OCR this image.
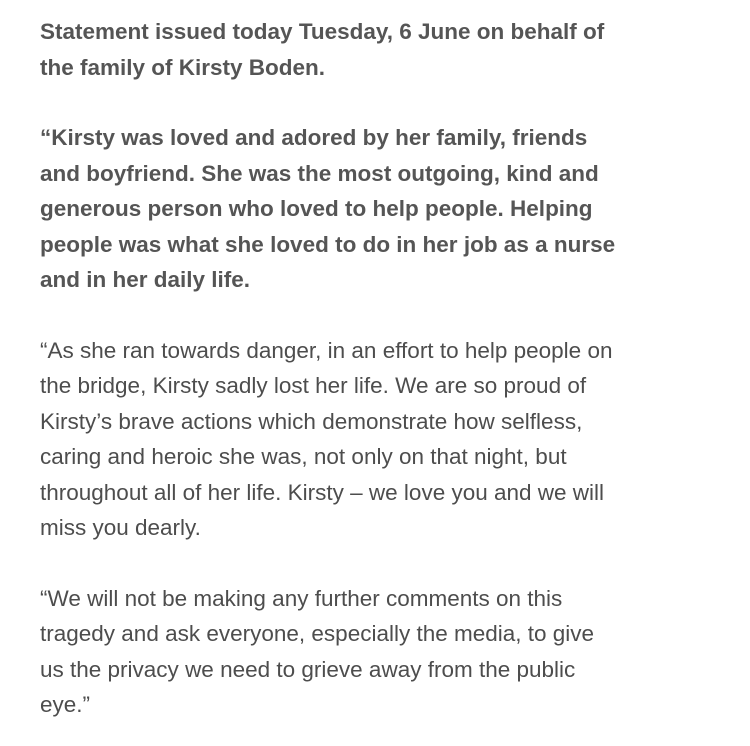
Statement issued today Tuesday, 6 June on behalf of
the family of Kirsty Boden.

“Kirsty was loved and adored by her family, friends
and boyfriend. She was the most outgoing, kind and
generous person who loved to help people. Helping
people was what she loved to do in her job as a nurse
and in her daily life.

“As she ran towards danger, in an effort to help people on
the bridge, Kirsty sadly lost her life. We are so proud of
Kirsty’s brave actions which demonstrate how selfless,
caring and heroic she was, not only on that night, but
throughout all of her life. Kirsty – we love you and we will
miss you dearly.

“We will not be making any further comments on this
tragedy and ask everyone, especially the media, to give
us the privacy we need to grieve away from the public
eye.”
